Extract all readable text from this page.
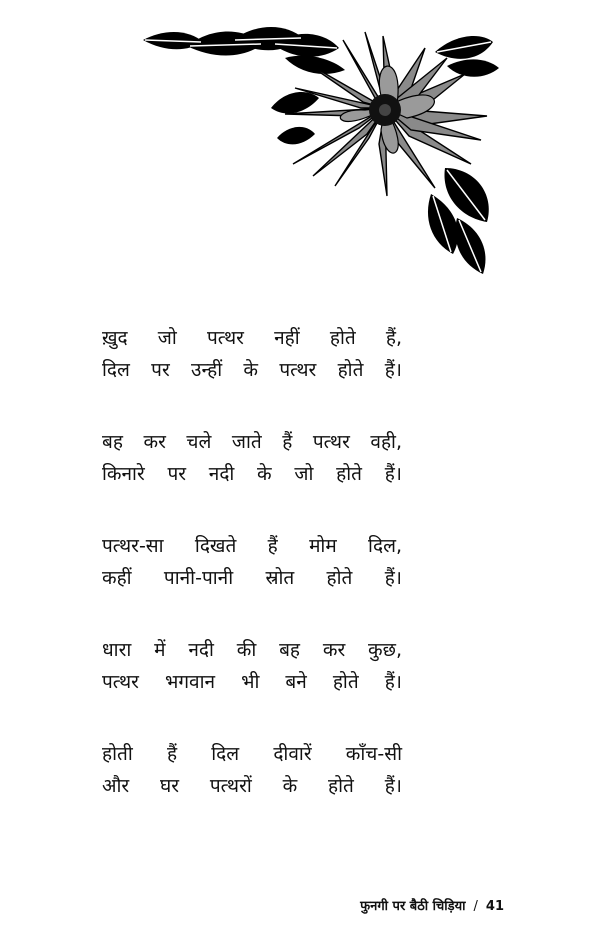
ख़ुद जो पत्थर नहीं होते हैं,
दिल पर उन्हीं के पत्थर होते हैं।
बह कर चले जाते हैं पत्थर वही,
किनारे पर नदी के जो होते हैं।
पत्थर-सा दिखते हैं मोम दिल,
कहीं पानी-पानी स्रोत होते हैं।
धारा में नदी की बह कर कुछ,
पत्थर भगवान भी बने होते हैं।
होती हैं दिल दीवारें काँच-सी
और घर पत्थरों के होते हैं।
फुनगी पर बैठी चिड़िया / 41
